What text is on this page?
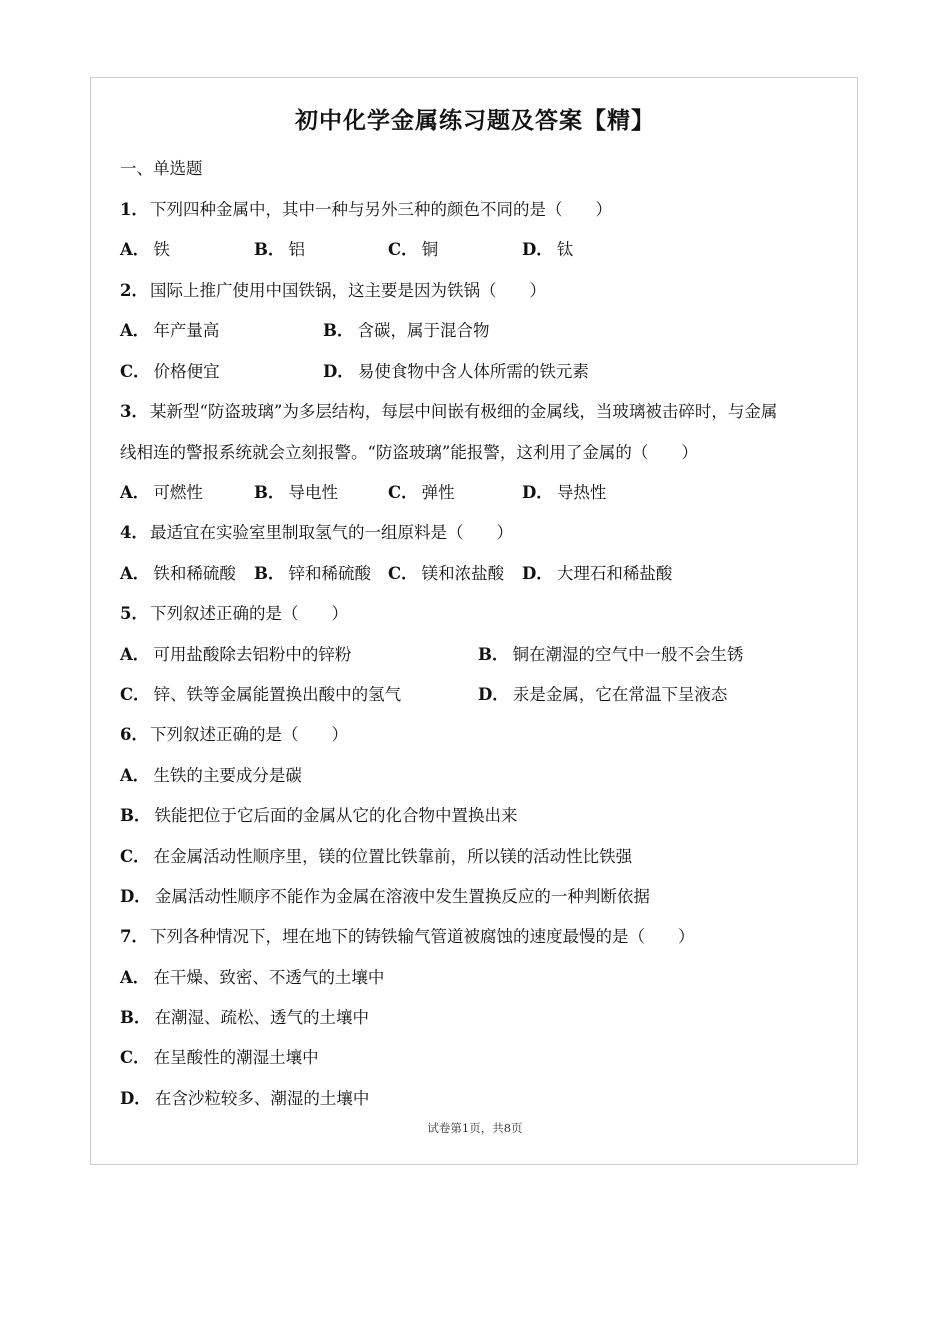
初中化学金属练习题及答案【精】
一、单选题
1． 下列四种金属中，其中一种与另外三种的颜色不同的是（　　）
A． 铁	B． 铝	C． 铜	D． 钛
2． 国际上推广使用中国铁锅，这主要是因为铁锅（　　）
A． 年产量高	B． 含碳，属于混合物
C． 价格便宜	D． 易使食物中含人体所需的铁元素
3． 某新型“防盗玻璃”为多层结构，每层中间嵌有极细的金属线，当玻璃被击碎时，与金属
线相连的警报系统就会立刻报警。“防盗玻璃”能报警，这利用了金属的（　　）
A． 可燃性	B． 导电性	C． 弹性	D． 导热性
4． 最适宜在实验室里制取氢气的一组原料是（　　）
A． 铁和稀硫酸 B． 锌和稀硫酸 C． 镁和浓盐酸 D． 大理石和稀盐酸
5． 下列叙述正确的是（　　）
A． 可用盐酸除去铝粉中的锌粉	B． 铜在潮湿的空气中一般不会生锈
C． 锌、铁等金属能置换出酸中的氢气	D． 汞是金属，它在常温下呈液态
6． 下列叙述正确的是（　　）
A． 生铁的主要成分是碳
B． 铁能把位于它后面的金属从它的化合物中置换出来
C． 在金属活动性顺序里，镁的位置比铁靠前，所以镁的活动性比铁强
D． 金属活动性顺序不能作为金属在溶液中发生置换反应的一种判断依据
7． 下列各种情况下，埋在地下的铸铁输气管道被腐蚀的速度最慢的是（　　）
A． 在干燥、致密、不透气的土壤中
B． 在潮湿、疏松、透气的土壤中
C． 在呈酸性的潮湿土壤中
D． 在含沙粒较多、潮湿的土壤中
试卷第1页，共8页
